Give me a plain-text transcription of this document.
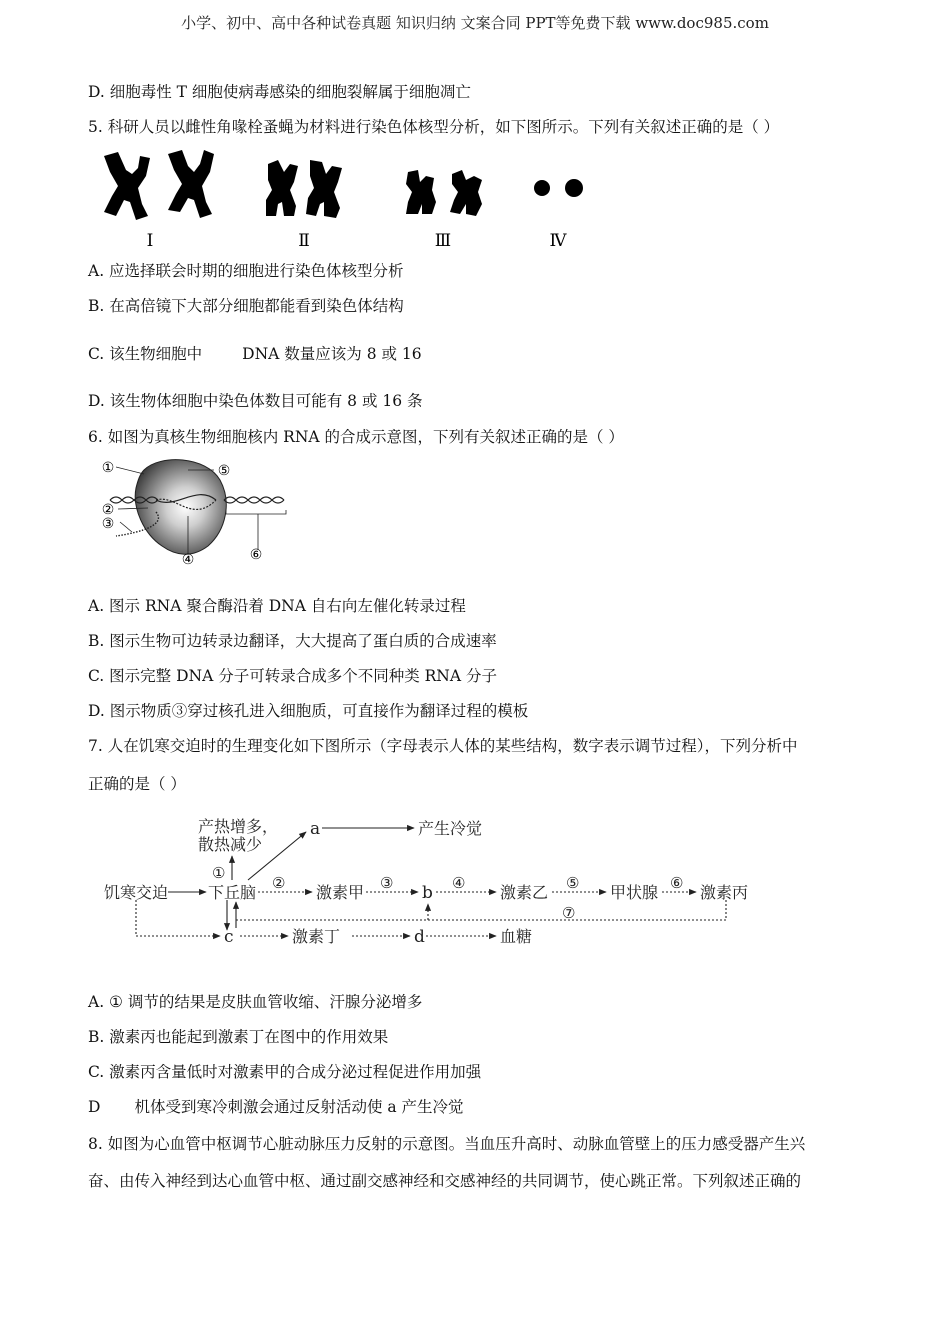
小学、初中、高中各种试卷真题 知识归纳 文案合同 PPT等免费下载 www.doc985.com
D. 细胞毒性 T 细胞使病毒感染的细胞裂解属于细胞凋亡
5. 科研人员以雌性角喙栓蚤蝇为材料进行染色体核型分析，如下图所示。下列有关叙述正确的是（ ）
Ⅰ	Ⅱ	Ⅲ	Ⅳ
A. 应选择联会时期的细胞进行染色体核型分析
B. 在高倍镜下大部分细胞都能看到染色体结构
C. 该生物细胞中	DNA 数量应该为 8 或 16
D. 该生物体细胞中染色体数目可能有 8 或 16 条
6. 如图为真核生物细胞核内 RNA 的合成示意图，下列有关叙述正确的是（ ）
①
②
③
④
⑤
⑥
A. 图示 RNA 聚合酶沿着 DNA 自右向左催化转录过程
B. 图示生物可边转录边翻译，大大提高了蛋白质的合成速率
C. 图示完整 DNA 分子可转录合成多个不同种类 RNA 分子
D. 图示物质③穿过核孔进入细胞质，可直接作为翻译过程的模板
7. 人在饥寒交迫时的生理变化如下图所示（字母表示人体的某些结构，数字表示调节过程），下列分析中
正确的是（ ）
产热增多，
散热减少
a	产生冷觉
①
饥寒交迫 下丘脑 ② 激素甲 ③ b ④ 激素乙 ⑤ 甲状腺 ⑥ 激素丙
⑦
c	激素丁	d	血糖
A. ① 调节的结果是皮肤血管收缩、汗腺分泌增多
B. 激素丙也能起到激素丁在图中的作用效果
C. 激素丙含量低时对激素甲的合成分泌过程促进作用加强
D 机体受到寒冷刺激会通过反射活动使 a 产生冷觉
8. 如图为心血管中枢调节心脏动脉压力反射的示意图。当血压升高时、动脉血管壁上的压力感受器产生兴
奋、由传入神经到达心血管中枢、通过副交感神经和交感神经的共同调节，使心跳正常。下列叙述正确的
